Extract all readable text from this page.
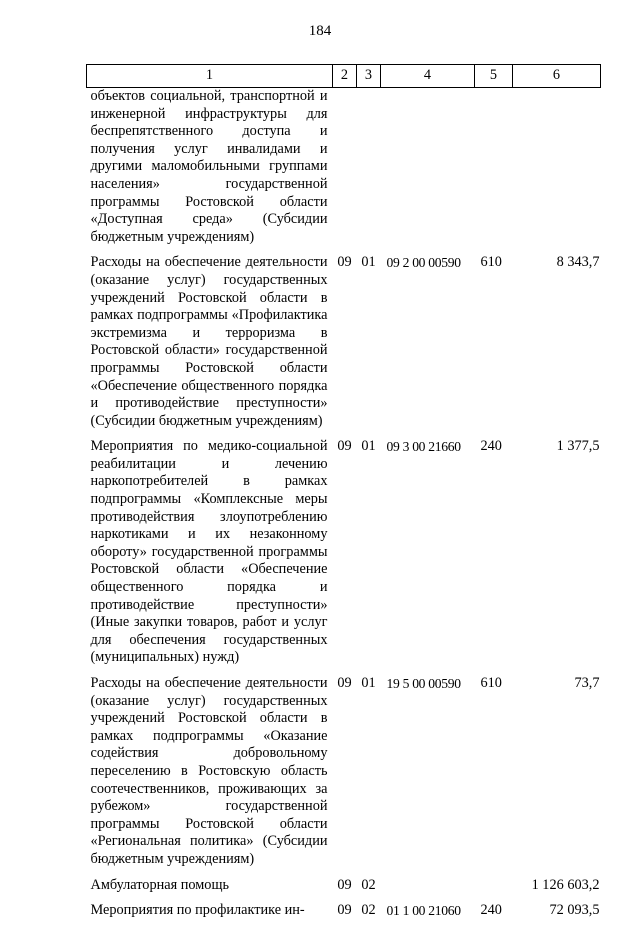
184
1	2	3	4	5	6
объектов социальной, транспортной и инженерной инфраструктуры для беспрепятственного доступа и получения услуг инвалидами и другими маломобильными группами населения» государственной программы Ростовской области «Доступная среда» (Субсидии бюджетным учреждениям)					
Расходы на обеспечение деятельности (оказание услуг) государственных учреждений Ростовской области в рамках подпрограммы «Профилактика экстремизма и терроризма в Ростовской области» государственной программы Ростовской области «Обеспечение общественного порядка и противодействие преступности» (Субсидии бюджетным учреждениям)	09	01	09 2 00 00590	610	8 343,7
Мероприятия по медико-социальной реабилитации и лечению наркопотребителей в рамках подпрограммы «Комплексные меры противодействия злоупотреблению наркотиками и их незаконному обороту» государственной программы Ростовской области «Обеспечение общественного порядка и противодействие преступности» (Иные закупки товаров, работ и услуг для обеспечения государственных (муниципальных) нужд)	09	01	09 3 00 21660	240	1 377,5
Расходы на обеспечение деятельности (оказание услуг) государственных учреждений Ростовской области в рамках подпрограммы «Оказание содействия добровольному переселению в Ростовскую область соотечественников, проживающих за рубежом» государственной программы Ростовской области «Региональная политика» (Субсидии бюджетным учреждениям)	09	01	19 5 00 00590	610	73,7
Амбулаторная помощь	09	02			1 126 603,2
Мероприятия по профилактике ин-	09	02	01 1 00 21060	240	72 093,5
